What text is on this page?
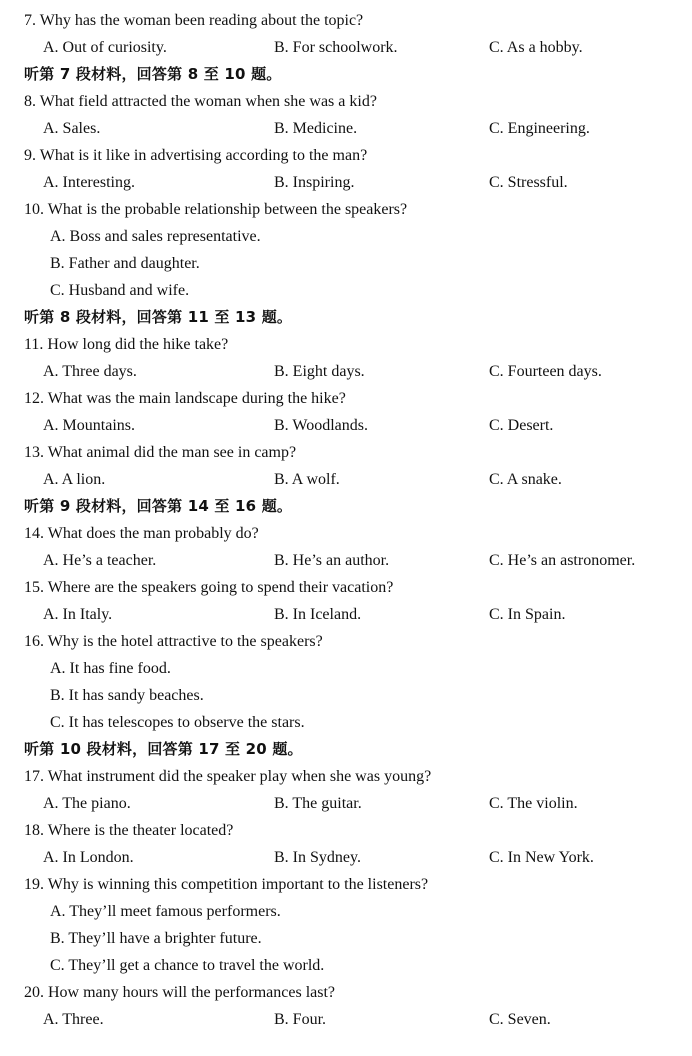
7. Why has the woman been reading about the topic?
A. Out of curiosity.	B. For schoolwork.	C. As a hobby.
听第 7 段材料，回答第 8 至 10 题。
8. What field attracted the woman when she was a kid?
A. Sales.	B. Medicine.	C. Engineering.
9. What is it like in advertising according to the man?
A. Interesting.	B. Inspiring.	C. Stressful.
10. What is the probable relationship between the speakers?
A. Boss and sales representative.
B. Father and daughter.
C. Husband and wife.
听第 8 段材料，回答第 11 至 13 题。
11. How long did the hike take?
A. Three days.	B. Eight days.	C. Fourteen days.
12. What was the main landscape during the hike?
A. Mountains.	B. Woodlands.	C. Desert.
13. What animal did the man see in camp?
A. A lion.	B. A wolf.	C. A snake.
听第 9 段材料，回答第 14 至 16 题。
14. What does the man probably do?
A. He’s a teacher.	B. He’s an author.	C. He’s an astronomer.
15. Where are the speakers going to spend their vacation?
A. In Italy.	B. In Iceland.	C. In Spain.
16. Why is the hotel attractive to the speakers?
A. It has fine food.
B. It has sandy beaches.
C. It has telescopes to observe the stars.
听第 10 段材料，回答第 17 至 20 题。
17. What instrument did the speaker play when she was young?
A. The piano.	B. The guitar.	C. The violin.
18. Where is the theater located?
A. In London.	B. In Sydney.	C. In New York.
19. Why is winning this competition important to the listeners?
A. They’ll meet famous performers.
B. They’ll have a brighter future.
C. They’ll get a chance to travel the world.
20. How many hours will the performances last?
A. Three.	B. Four.	C. Seven.
